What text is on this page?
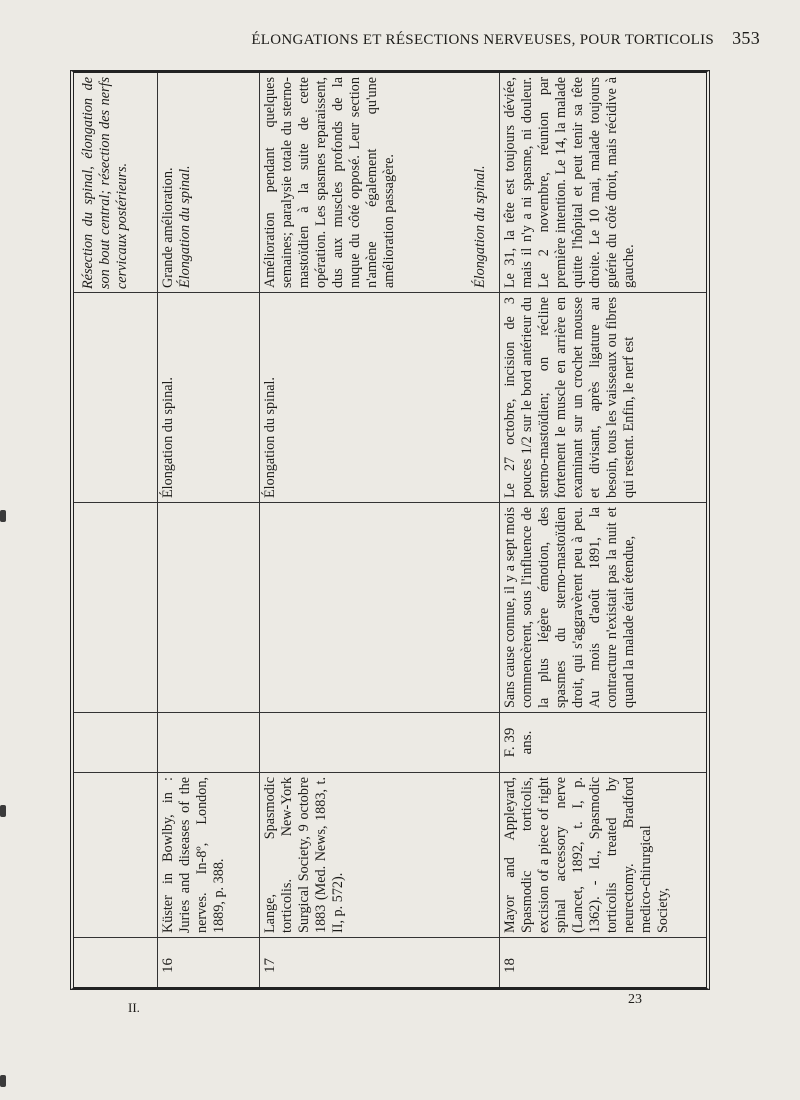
ÉLONGATIONS ET RÉSECTIONS NERVEUSES, POUR TORTICOLIS 353
Résection du spinal, élongation de son bout central; résection des nerfs cervicaux postérieurs.
16
Küster in Bowlby, in : Juries and diseases of the nerves. In-8º, London, 1889, p. 388.
Élongation du spinal.
Grande amélioration. Élongation du spinal.
17
Lange, Spasmodic torticolis. New-York Surgical Society, 9 octobre 1883 (Med. News, 1883, t. II, p. 572).
Élongation du spinal.
Amélioration pendant quelques semaines; paralysie totale du sterno-mastoïdien à la suite de cette opération. Les spasmes reparaissent, dus aux muscles profonds de la nuque du côté opposé. Leur section n'amène également qu'une amélioration passagère.	Élongation du spinal.
18
Mayor and Appleyard, Spasmodic torticolis, excision of a piece of right spinal accessory nerve (Lancet, 1892, t. I, p. 1362). - Id., Spasmodic torticolis treated by neurectomy. Bradford medico-chirurgical Society,
F. 39 ans.
Sans cause connue, il y a sept mois commencèrent, sous l'influence de la plus légère émotion, des spasmes du sterno-mastoïdien droit, qui s'aggravèrent peu à peu. Au mois d'août 1891, la contracture n'existait pas la nuit et quand la malade était étendue,
Le 27 octobre, incision de 3 pouces 1/2 sur le bord antérieur du sterno-mastoïdien; on récline fortement le muscle en arrière en examinant sur un crochet mousse et divisant, après ligature au besoin, tous les vaisseaux ou fibres qui restent. Enfin, le nerf est
Le 31, la tête est toujours déviée, mais il n'y a ni spasme, ni douleur. Le 2 novembre, réunion par première intention. Le 14, la malade quitte l'hôpital et peut tenir sa tête droite. Le 10 mai, malade toujours guérie du côté droit, mais récidive à gauche.
II.
23
